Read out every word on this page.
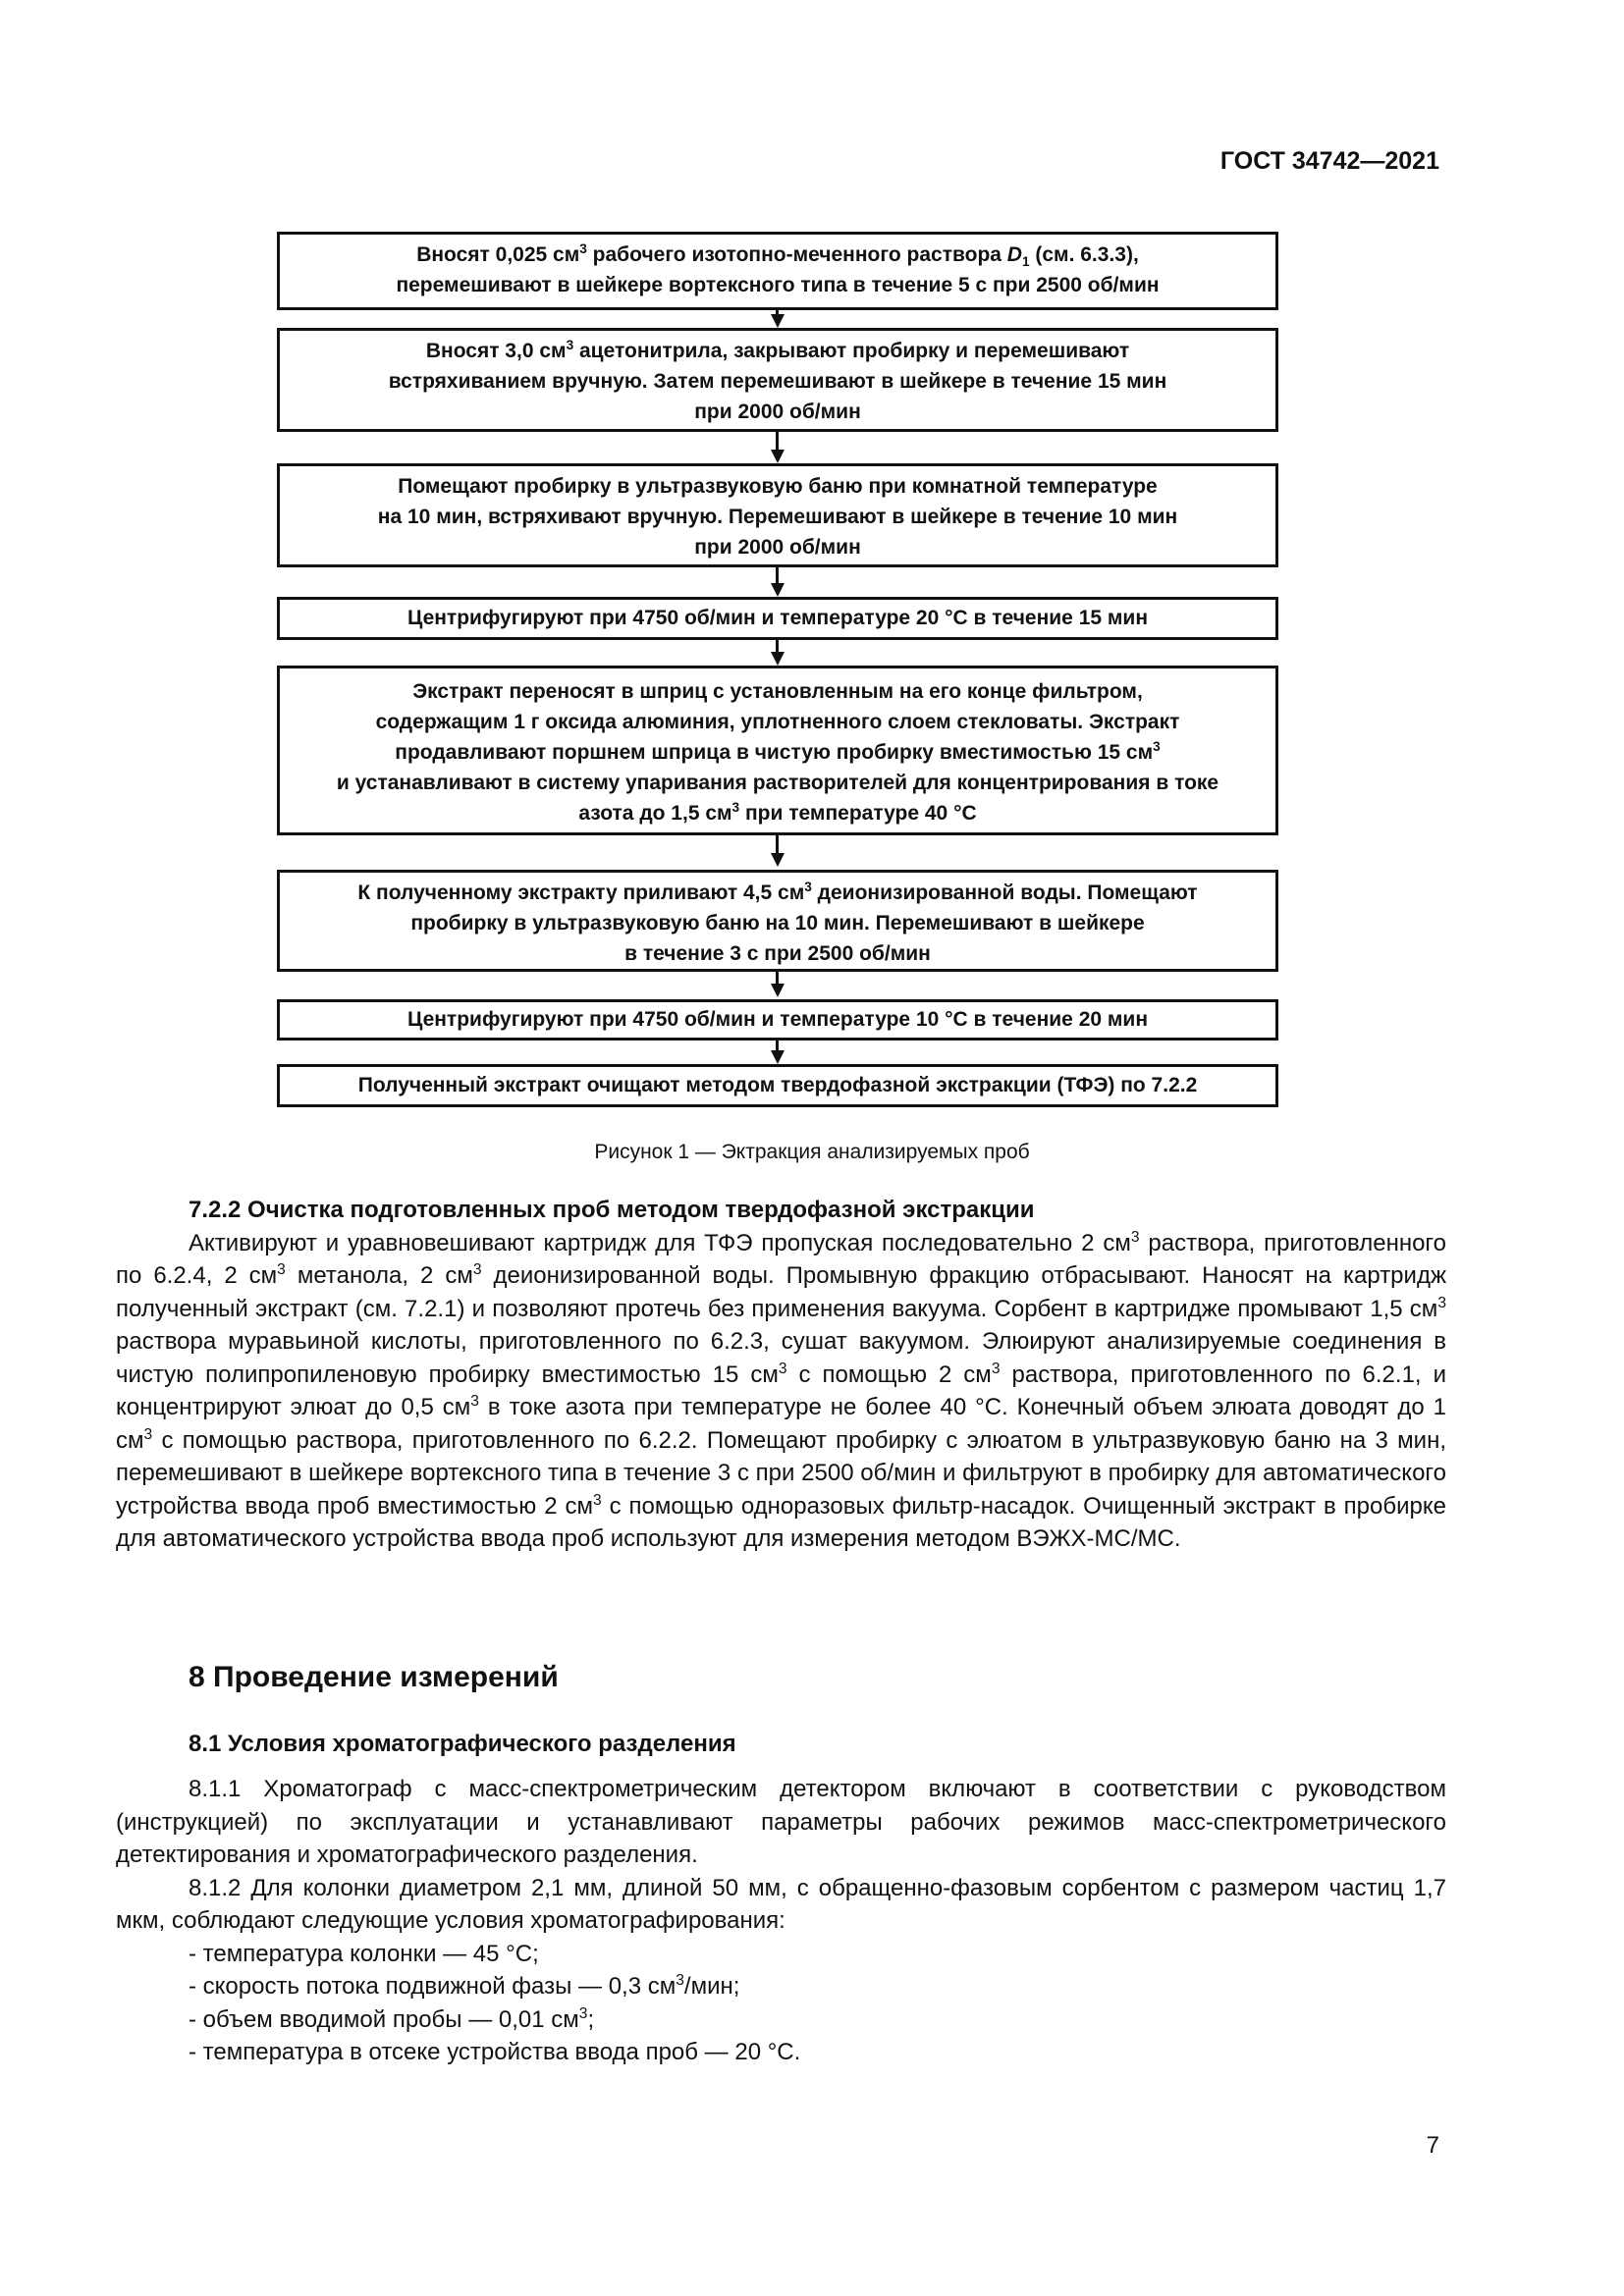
ГОСТ 34742—2021
Вносят 0,025 $см^3$ рабочего изотопно-меченного раствора $D_1$ (см. 6.3.3),
перемешивают в шейкере вортексного типа в течение 5 с при 2500 об/мин
Вносят 3,0 $см^3$ ацетонитрила, закрывают пробирку и перемешивают
встряхиванием вручную. Затем перемешивают в шейкере в течение 15 мин
при 2000 об/мин
Помещают пробирку в ультразвуковую баню при комнатной температуре
на 10 мин, встряхивают вручную. Перемешивают в шейкере в течение 10 мин
при 2000 об/мин
Центрифугируют при 4750 об/мин и температуре 20 °С в течение 15 мин
Экстракт переносят в шприц с установленным на его конце фильтром,
содержащим 1 г оксида алюминия, уплотненного слоем стекловаты. Экстракт
продавливают поршнем шприца в чистую пробирку вместимостью 15 $см^3$
и устанавливают в систему упаривания растворителей для концентрирования в токе
азота до 1,5 $см^3$ при температуре 40 °С
К полученному экстракту приливают 4,5 $см^3$ деионизированной воды. Помещают
пробирку в ультразвуковую баню на 10 мин. Перемешивают в шейкере
в течение 3 с при 2500 об/мин
Центрифугируют при 4750 об/мин и температуре 10 °С в течение 20 мин
Полученный экстракт очищают методом твердофазной экстракции (ТФЭ) по 7.2.2
Рисунок 1 — Эктракция анализируемых проб

7.2.2 Очистка подготовленных проб методом твердофазной экстракции

Активируют и уравновешивают картридж для ТФЭ пропуская последовательно 2 $см^3$ раствора, приготовленного по 6.2.4, 2 $см^3$ метанола, 2 $см^3$ деионизированной воды. Промывную фракцию отбрасывают. Наносят на картридж полученный экстракт (см. 7.2.1) и позволяют протечь без применения вакуума. Сорбент в картридже промывают 1,5 $см^3$ раствора муравьиной кислоты, приготовленного по 6.2.3, сушат вакуумом. Элюируют анализируемые соединения в чистую полипропиленовую пробирку вместимостью 15 $см^3$ с помощью 2 $см^3$ раствора, приготовленного по 6.2.1, и концентрируют элюат до 0,5 $см^3$ в токе азота при температуре не более 40 °С. Конечный объем элюата доводят до 1 $см^3$ с помощью раствора, приготовленного по 6.2.2. Помещают пробирку с элюатом в ультразвуковую баню на 3 мин, перемешивают в шейкере вортексного типа в течение 3 с при 2500 об/мин и фильтруют в пробирку для автоматического устройства ввода проб вместимостью 2 $см^3$ с помощью одноразовых фильтр-насадок. Очищенный экстракт в пробирке для автоматического устройства ввода проб используют для измерения методом ВЭЖХ-МС/МС.

8 Проведение измерений

8.1 Условия хроматографического разделения

8.1.1 Хроматограф с масс-спектрометрическим детектором включают в соответствии с руководством (инструкцией) по эксплуатации и устанавливают параметры рабочих режимов масс-спектрометрического детектирования и хроматографического разделения.

8.1.2 Для колонки диаметром 2,1 мм, длиной 50 мм, с обращенно-фазовым сорбентом с размером частиц 1,7 мкм, соблюдают следующие условия хроматографирования:

- температура колонки — 45 °С;

- скорость потока подвижной фазы — 0,3 $см^3$/мин;

- объем вводимой пробы — 0,01 $см^3$;

- температура в отсеке устройства ввода проб — 20 °С.

7
